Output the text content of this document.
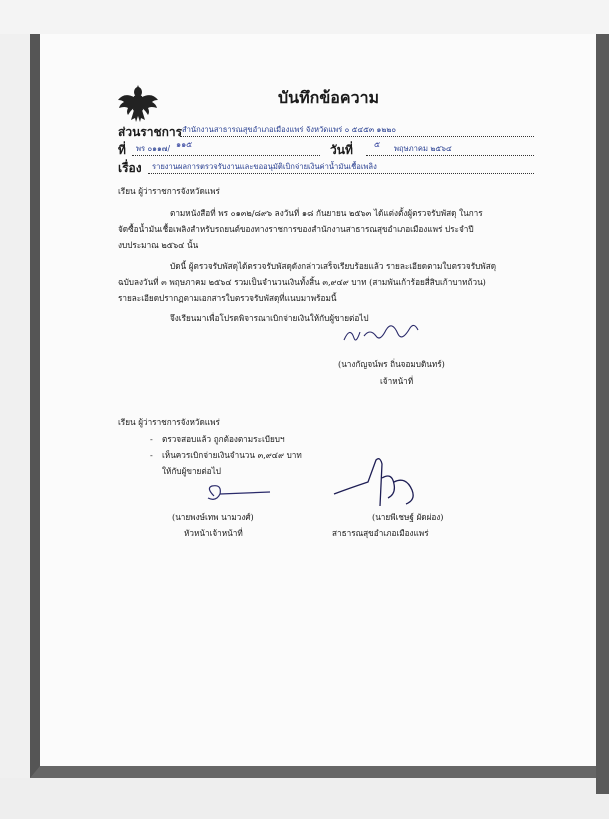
บันทึกข้อความ
ส่วนราชการ สำนักงานสาธารณสุขอำเภอเมืองแพร่ จังหวัดแพร่ ๐ ๕๔๕๓ ๑๒๒๐
ที่ พร ๐๑๑๗/ ๑๑๕	วันที่	๕ พฤษภาคม ๒๕๖๔
เรื่อง รายงานผลการตรวจรับงานและขออนุมัติเบิกจ่ายเงินค่าน้ำมันเชื้อเพลิง
เรียน ผู้ว่าราชการจังหวัดแพร่
ตามหนังสือที่ พร ๐๑๓๒/๘๙๖ ลงวันที่ ๑๘ กันยายน ๒๕๖๓ ได้แต่งตั้งผู้ตรวจรับพัสดุ ในการ
จัดซื้อน้ำมันเชื้อเพลิงสำหรับรถยนต์ของทางราชการของสำนักงานสาธารณสุขอำเภอเมืองแพร่ ประจำปี
งบประมาณ ๒๕๖๔ นั้น
บัดนี้ ผู้ตรวจรับพัสดุได้ตรวจรับพัสดุดังกล่าวเสร็จเรียบร้อยแล้ว รายละเอียดตามใบตรวจรับพัสดุ
ฉบับลงวันที่ ๓ พฤษภาคม ๒๕๖๔ รวมเป็นจำนวนเงินทั้งสิ้น ๓,๙๔๙ บาท (สามพันเก้าร้อยสี่สิบเก้าบาทถ้วน)
รายละเอียดปรากฏตามเอกสารใบตรวจรับพัสดุที่แนบมาพร้อมนี้
จึงเรียนมาเพื่อโปรดพิจารณาเบิกจ่ายเงินให้กับผู้ขายต่อไป
(นางกัญจน์พร ถิ่นจอมบดินทร์)
เจ้าหน้าที่
เรียน ผู้ว่าราชการจังหวัดแพร่
- ตรวจสอบแล้ว ถูกต้องตามระเบียบฯ
- เห็นควรเบิกจ่ายเงินจำนวน ๓,๙๔๙ บาท
ให้กับผู้ขายต่อไป
(นายพงษ์เทพ นามวงศ์)
หัวหน้าเจ้าหน้าที่
(นายพีเชษฐ์ ผัดผ่อง)
สาธารณสุขอำเภอเมืองแพร่
